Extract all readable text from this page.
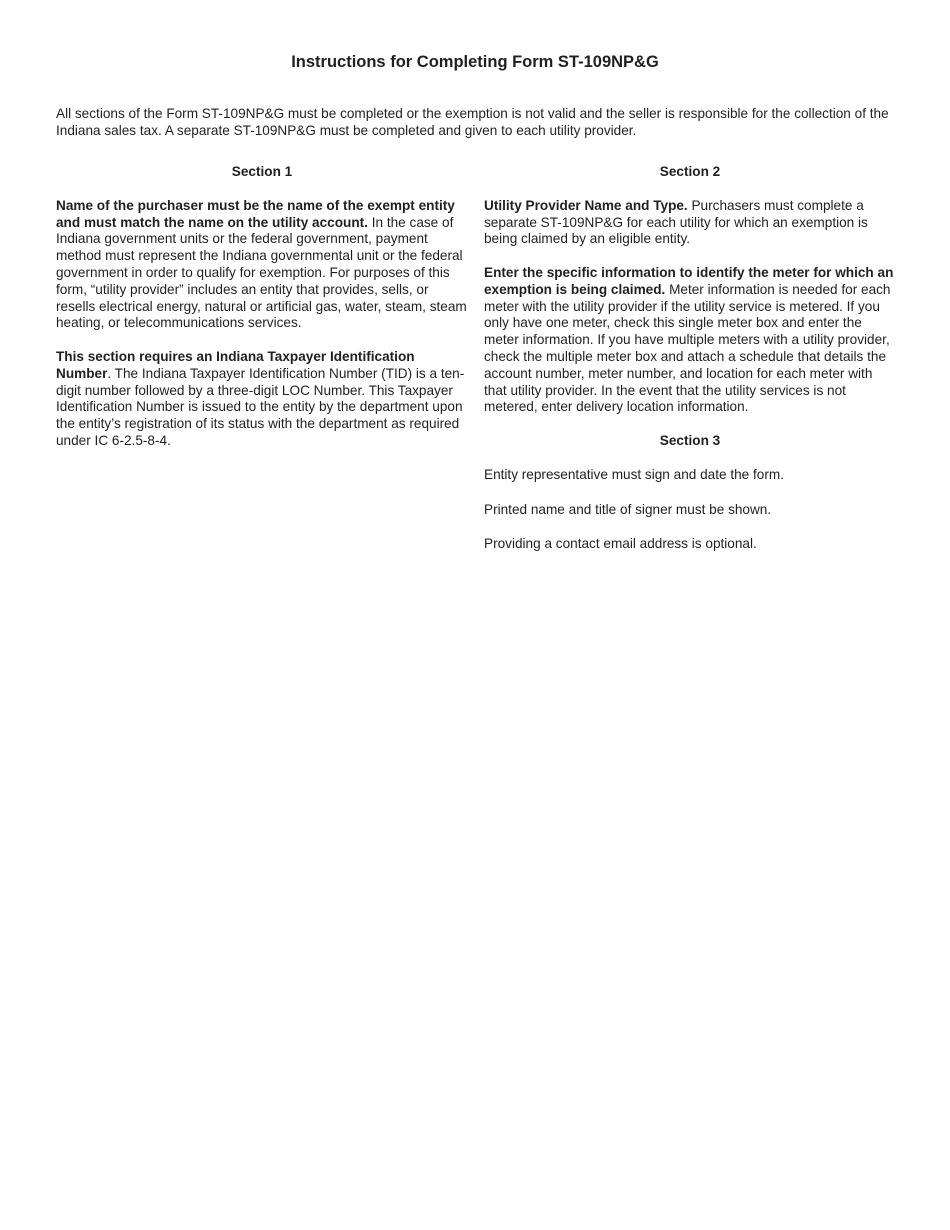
Instructions for Completing Form ST-109NP&G

All sections of the Form ST-109NP&G must be completed or the exemption is not valid and the seller is responsible for the collection of the Indiana sales tax. A separate ST-109NP&G must be completed and given to each utility provider.

Section 1

Name of the purchaser must be the name of the exempt entity and must match the name on the utility account. In the case of Indiana government units or the federal government, payment method must represent the Indiana governmental unit or the federal government in order to qualify for exemption. For purposes of this form, “utility provider” includes an entity that provides, sells, or resells electrical energy, natural or artificial gas, water, steam, steam heating, or telecommunications services.

This section requires an Indiana Taxpayer Identification Number. The Indiana Taxpayer Identification Number (TID) is a ten-digit number followed by a three-digit LOC Number. This Taxpayer Identification Number is issued to the entity by the department upon the entity’s registration of its status with the department as required under IC 6-2.5-8-4.

Section 2

Utility Provider Name and Type. Purchasers must complete a separate ST-109NP&G for each utility for which an exemption is being claimed by an eligible entity.

Enter the specific information to identify the meter for which an exemption is being claimed. Meter information is needed for each meter with the utility provider if the utility service is metered. If you only have one meter, check this single meter box and enter the meter information. If you have multiple meters with a utility provider, check the multiple meter box and attach a schedule that details the account number, meter number, and location for each meter with that utility provider. In the event that the utility services is not metered, enter delivery location information.

Section 3

Entity representative must sign and date the form.

Printed name and title of signer must be shown.

Providing a contact email address is optional.
